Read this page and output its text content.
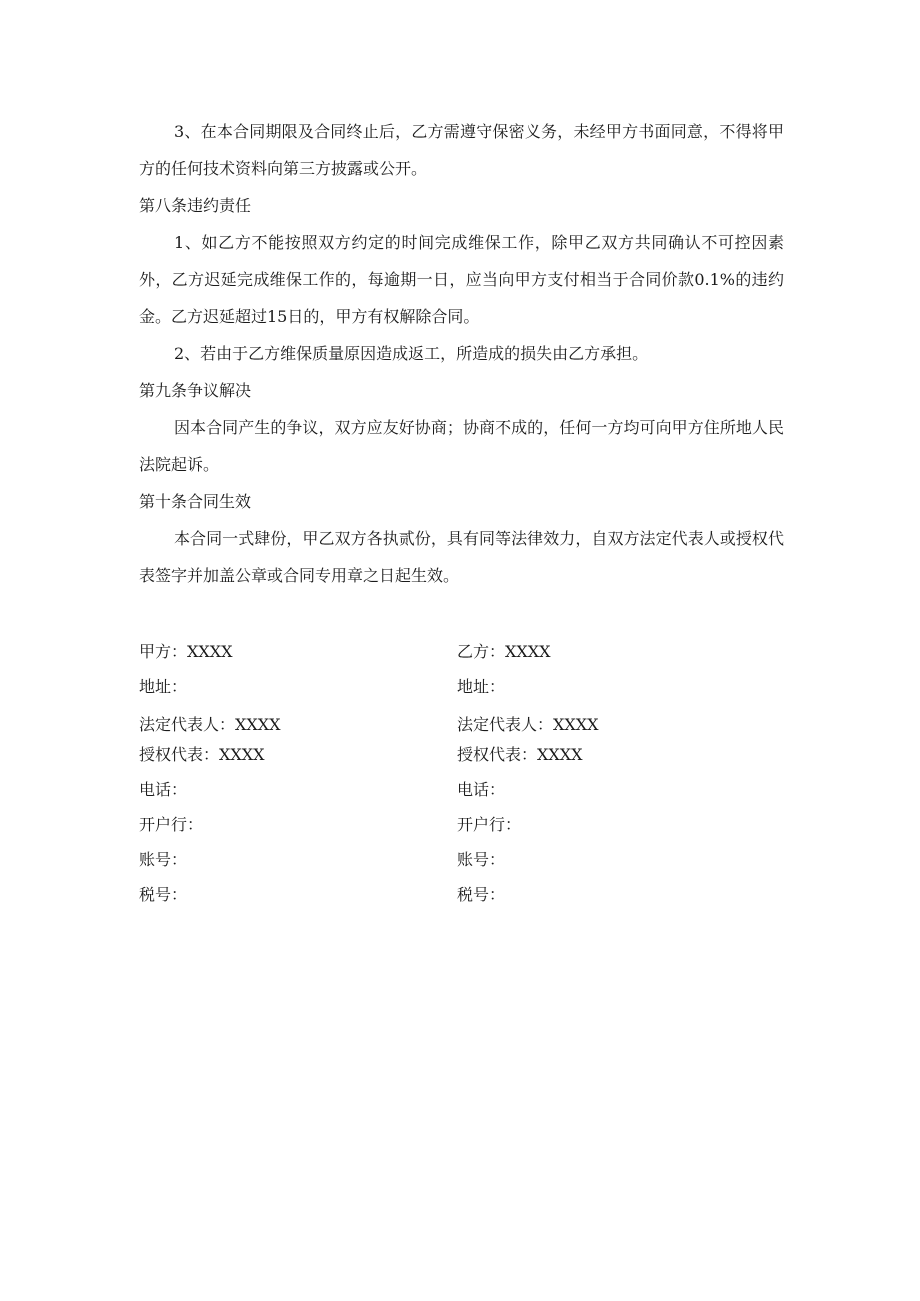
3、在本合同期限及合同终止后，乙方需遵守保密义务，未经甲方书面同意，不得将甲方的任何技术资料向第三方披露或公开。

第八条违约责任

1、如乙方不能按照双方约定的时间完成维保工作，除甲乙双方共同确认不可控因素外，乙方迟延完成维保工作的，每逾期一日，应当向甲方支付相当于合同价款0.1%的违约金。乙方迟延超过15日的，甲方有权解除合同。

2、若由于乙方维保质量原因造成返工，所造成的损失由乙方承担。

第九条争议解决

因本合同产生的争议，双方应友好协商；协商不成的，任何一方均可向甲方住所地人民法院起诉。

第十条合同生效

本合同一式肆份，甲乙双方各执贰份，具有同等法律效力，自双方法定代表人或授权代表签字并加盖公章或合同专用章之日起生效。

甲方：XXXX	乙方：XXXX
地址：	地址：
法定代表人：XXXX	法定代表人：XXXX
授权代表：XXXX	授权代表：XXXX
电话：	电话：
开户行：	开户行：
账号：	账号：
税号：	税号：
